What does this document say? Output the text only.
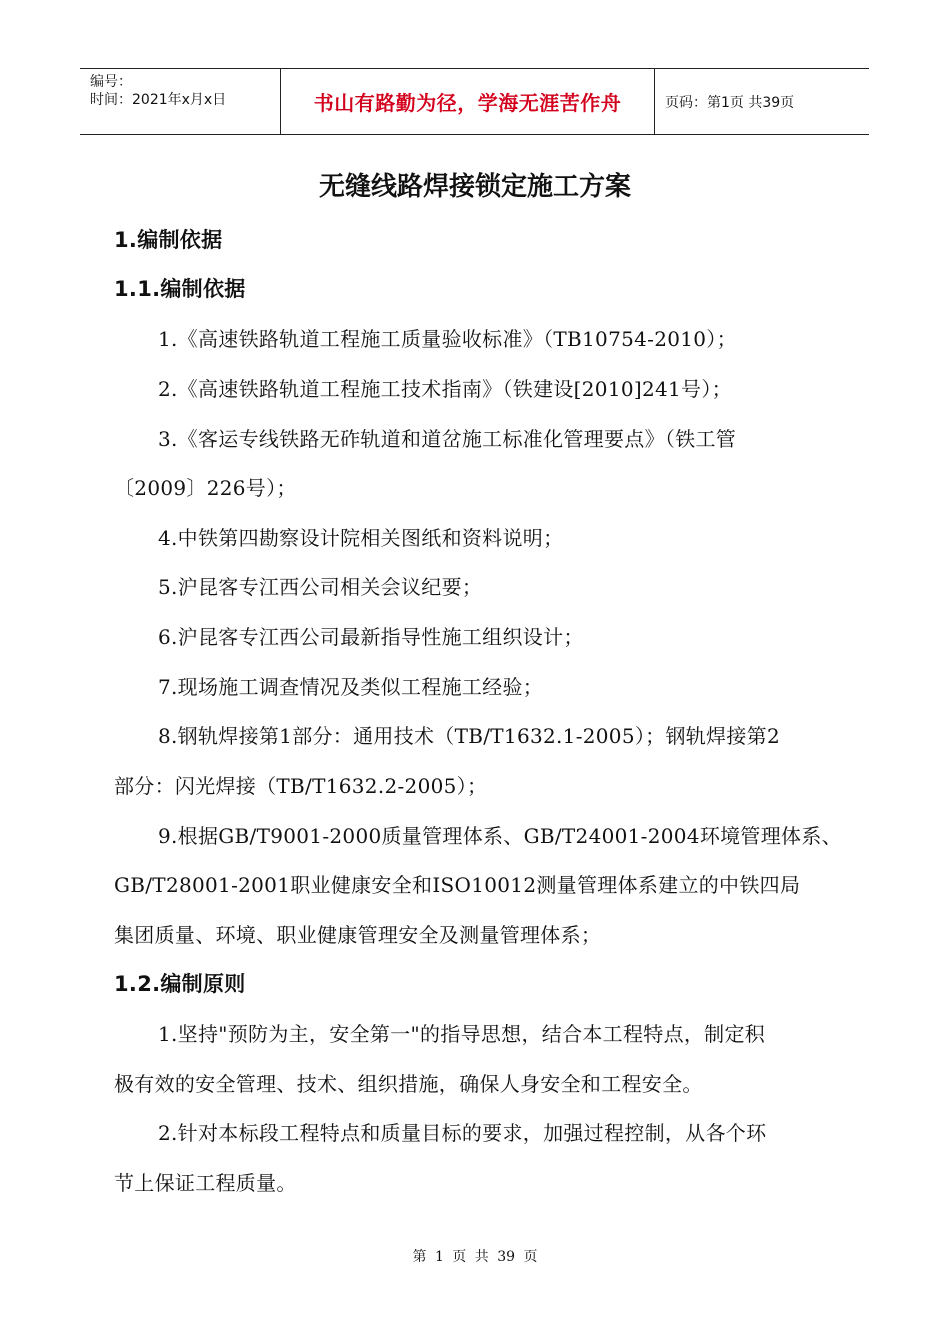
编号：
时间：2021年x月x日	书山有路勤为径，学海无涯苦作舟	页码：第1页 共39页
无缝线路焊接锁定施工方案
1.编制依据
1.1.编制依据
1.《高速铁路轨道工程施工质量验收标准》（TB10754-2010）；
2.《高速铁路轨道工程施工技术指南》（铁建设[2010]241号）；
3.《客运专线铁路无砟轨道和道岔施工标准化管理要点》（铁工管
〔2009〕226号）；
4.中铁第四勘察设计院相关图纸和资料说明；
5.沪昆客专江西公司相关会议纪要；
6.沪昆客专江西公司最新指导性施工组织设计；
7.现场施工调查情况及类似工程施工经验；
8.钢轨焊接第1部分：通用技术（TB/T1632.1-2005）；钢轨焊接第2
部分：闪光焊接（TB/T1632.2-2005）；
9.根据GB/T9001-2000质量管理体系、GB/T24001-2004环境管理体系、
GB/T28001-2001职业健康安全和ISO10012测量管理体系建立的中铁四局
集团质量、环境、职业健康管理安全及测量管理体系；
1.2.编制原则
1.坚持"预防为主，安全第一"的指导思想，结合本工程特点，制定积
极有效的安全管理、技术、组织措施，确保人身安全和工程安全。
2.针对本标段工程特点和质量目标的要求，加强过程控制，从各个环
节上保证工程质量。
第 1 页 共 39 页
